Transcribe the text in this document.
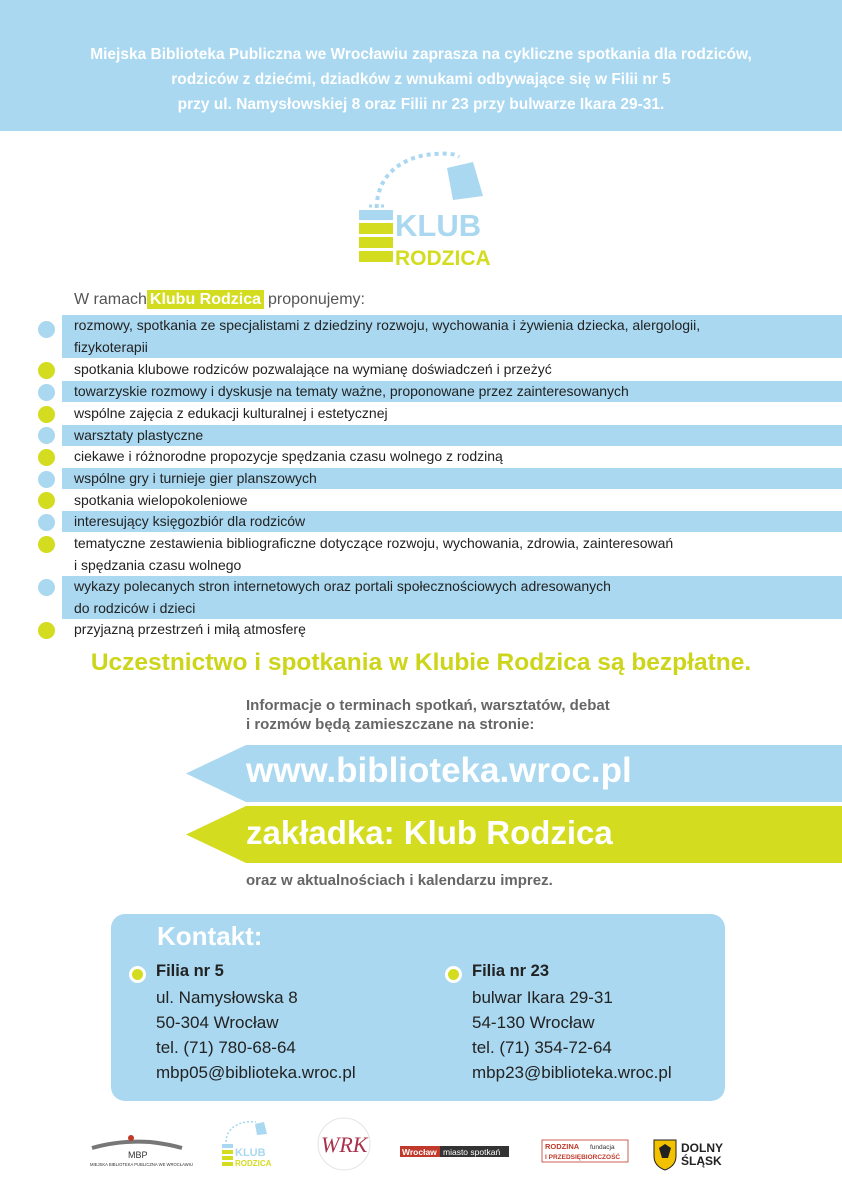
Miejska Biblioteka Publiczna we Wrocławiu zaprasza na cykliczne spotkania dla rodziców,
rodziców z dziećmi, dziadków z wnukami odbywające się w Filii nr 5
przy ul. Namysłowskiej 8 oraz Filii nr 23 przy bulwarze Ikara 29-31.
KLUB
RODZICA
W ramach Klubu Rodzica proponujemy:
rozmowy, spotkania ze specjalistami z dziedziny rozwoju, wychowania i żywienia dziecka, alergologii,
fizykoterapii
spotkania klubowe rodziców pozwalające na wymianę doświadczeń i przeżyć
towarzyskie rozmowy i dyskusje na tematy ważne, proponowane przez zainteresowanych
wspólne zajęcia z edukacji kulturalnej i estetycznej
warsztaty plastyczne
ciekawe i różnorodne propozycje spędzania czasu wolnego z rodziną
wspólne gry i turnieje gier planszowych
spotkania wielopokoleniowe
interesujący księgozbiór dla rodziców
tematyczne zestawienia bibliograficzne dotyczące rozwoju, wychowania, zdrowia, zainteresowań
i spędzania czasu wolnego
wykazy polecanych stron internetowych oraz portali społecznościowych adresowanych
do rodziców i dzieci
przyjazną przestrzeń i miłą atmosferę
Uczestnictwo i spotkania w Klubie Rodzica są bezpłatne.
Informacje o terminach spotkań, warsztatów, debat
i rozmów będą zamieszczane na stronie:
www.biblioteka.wroc.pl
zakładka: Klub Rodzica
oraz w aktualnościach i kalendarzu imprez.
Kontakt:
Filia nr 5
ul. Namysłowska 8
50-304 Wrocław
tel. (71) 780-68-64
mbp05@biblioteka.wroc.pl
Filia nr 23
bulwar Ikara 29-31
54-130 Wrocław
tel. (71) 354-72-64
mbp23@biblioteka.wroc.pl
MBP
MIEJSKA BIBLIOTEKA PUBLICZNA WE WROCŁAWIU
KLUB
RODZICA
WRK	Wrocław miasto spotkań
RODZINA fundacja
I PRZEDSIĘBIORCZOŚĆ
DOLNY
ŚLĄSK
